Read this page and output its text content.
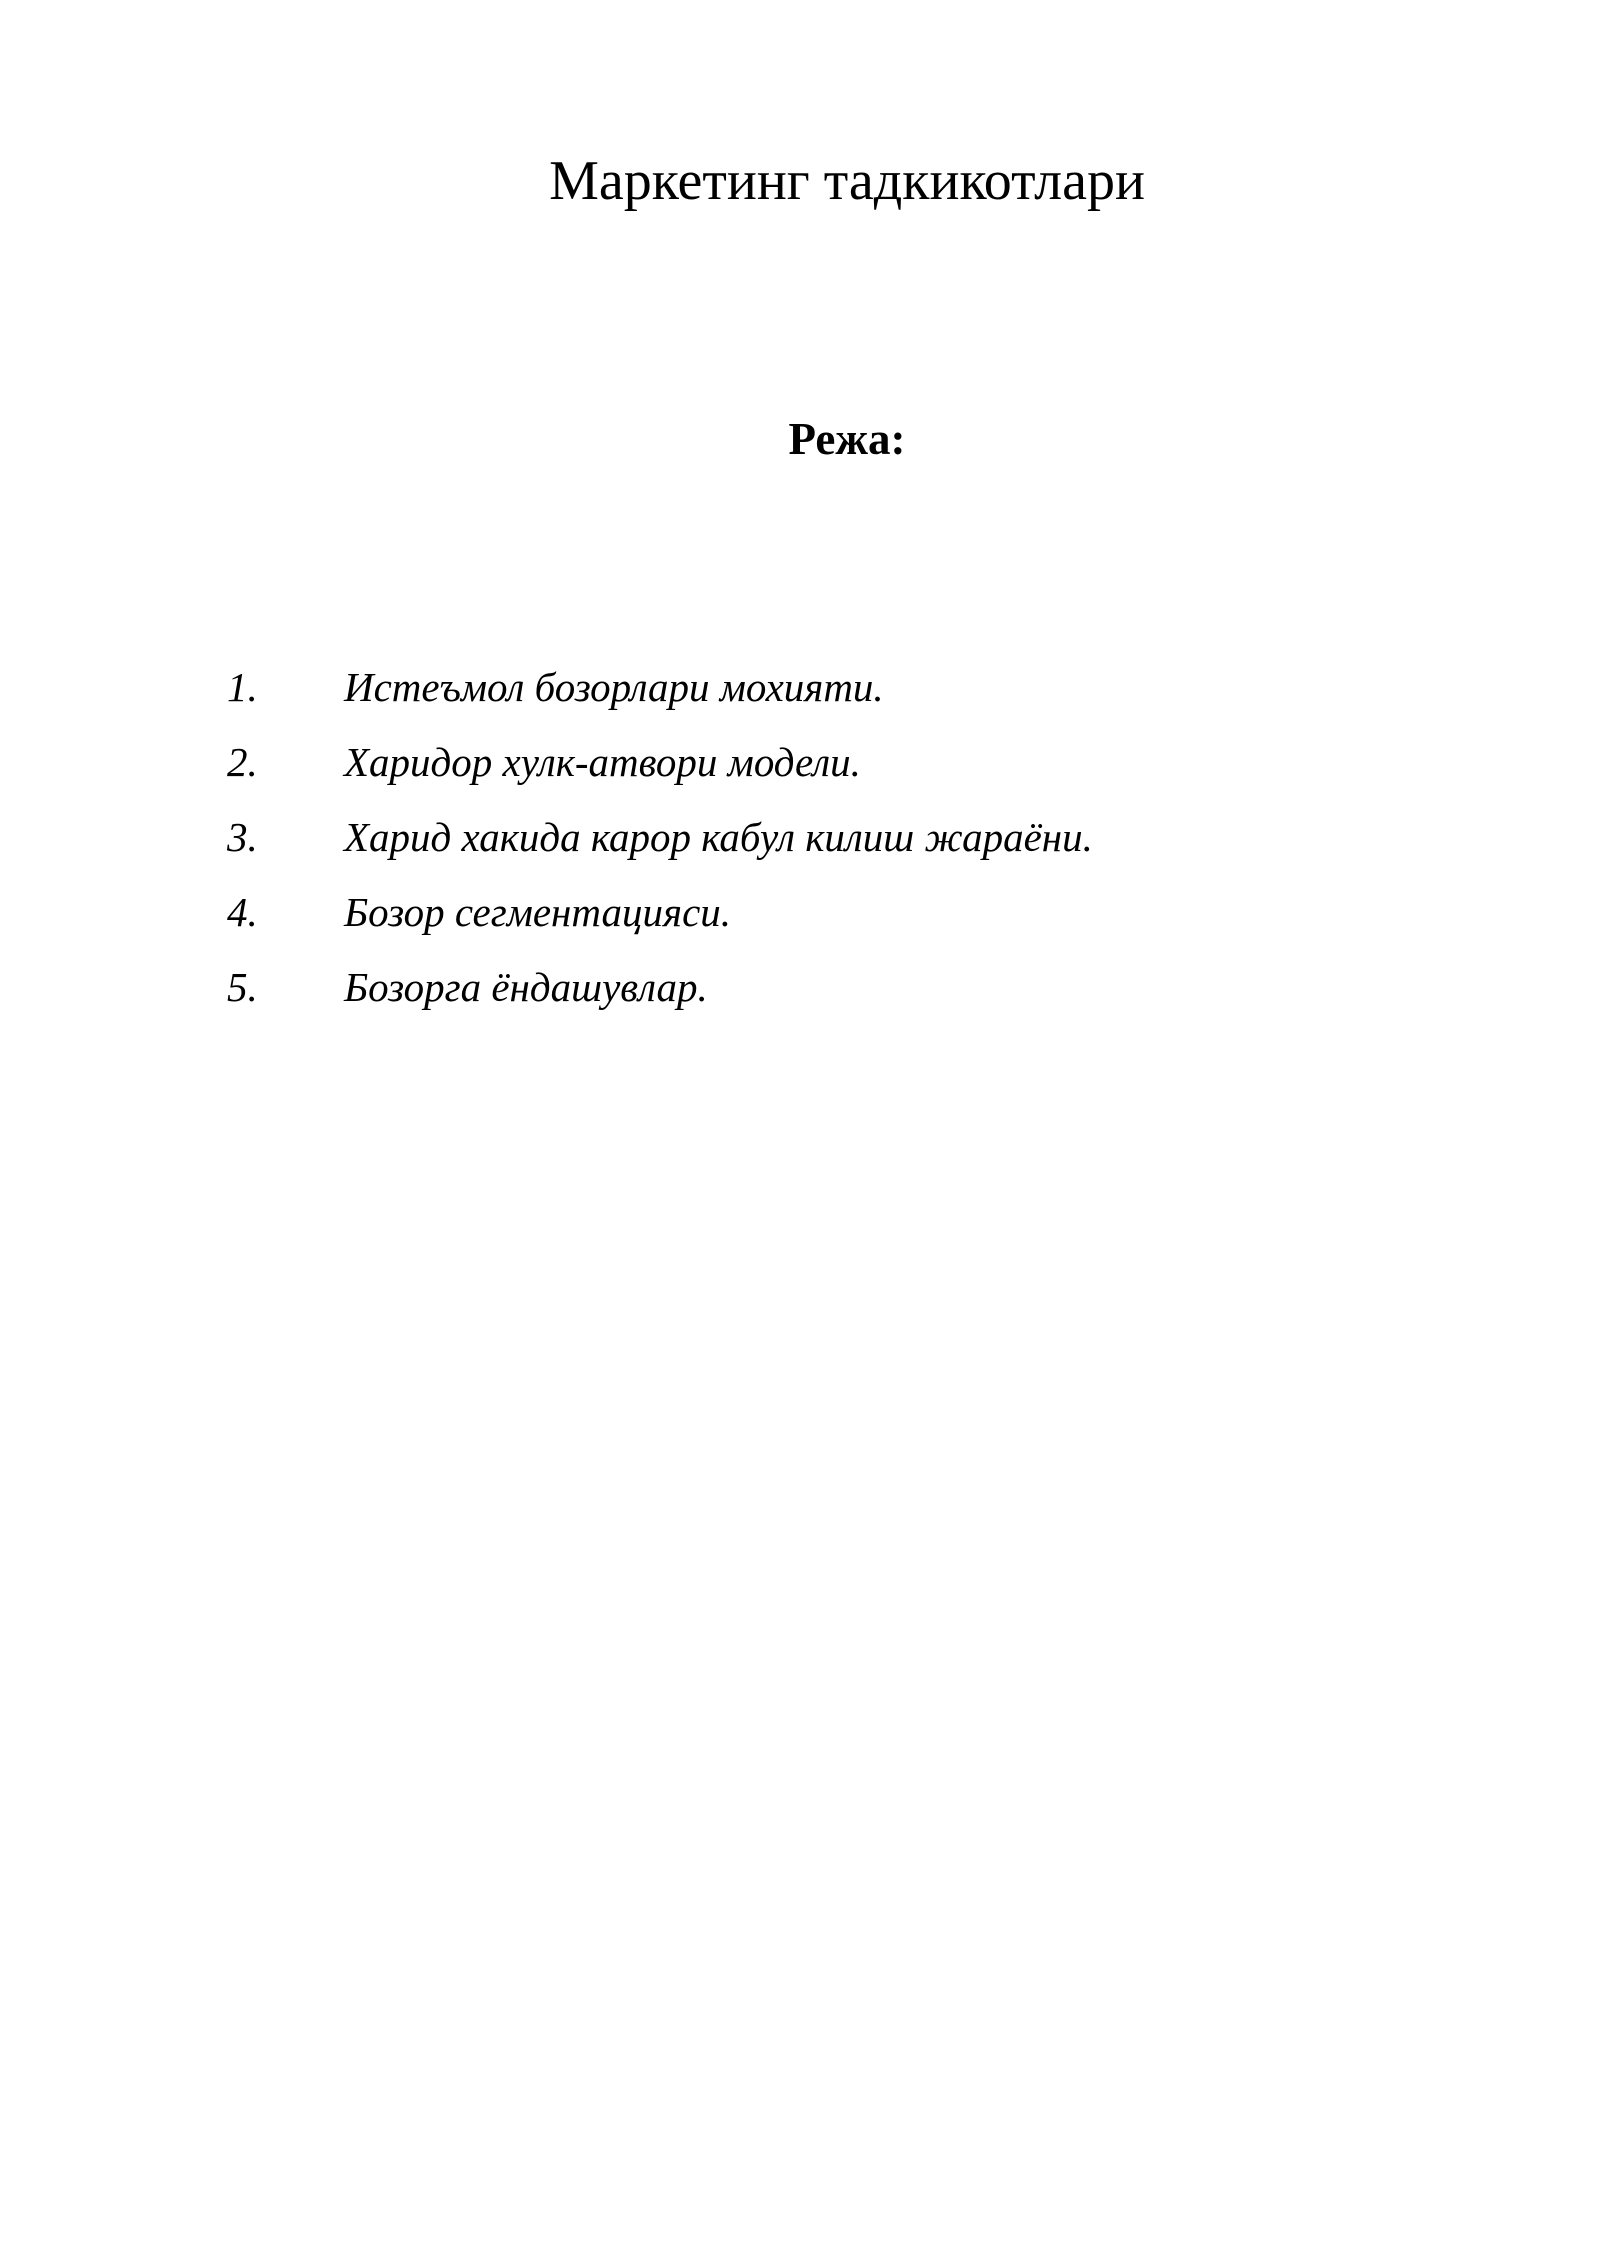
Маркетинг тадкикотлари
Режа:
1.	Истеъмол бозорлари мохияти.
2.	Харидор хулк-атвори модели.
3.	Харид хакида карор кабул килиш жараёни.
4.	Бозор сегментацияси.
5.	Бозорга ёндашувлар.
